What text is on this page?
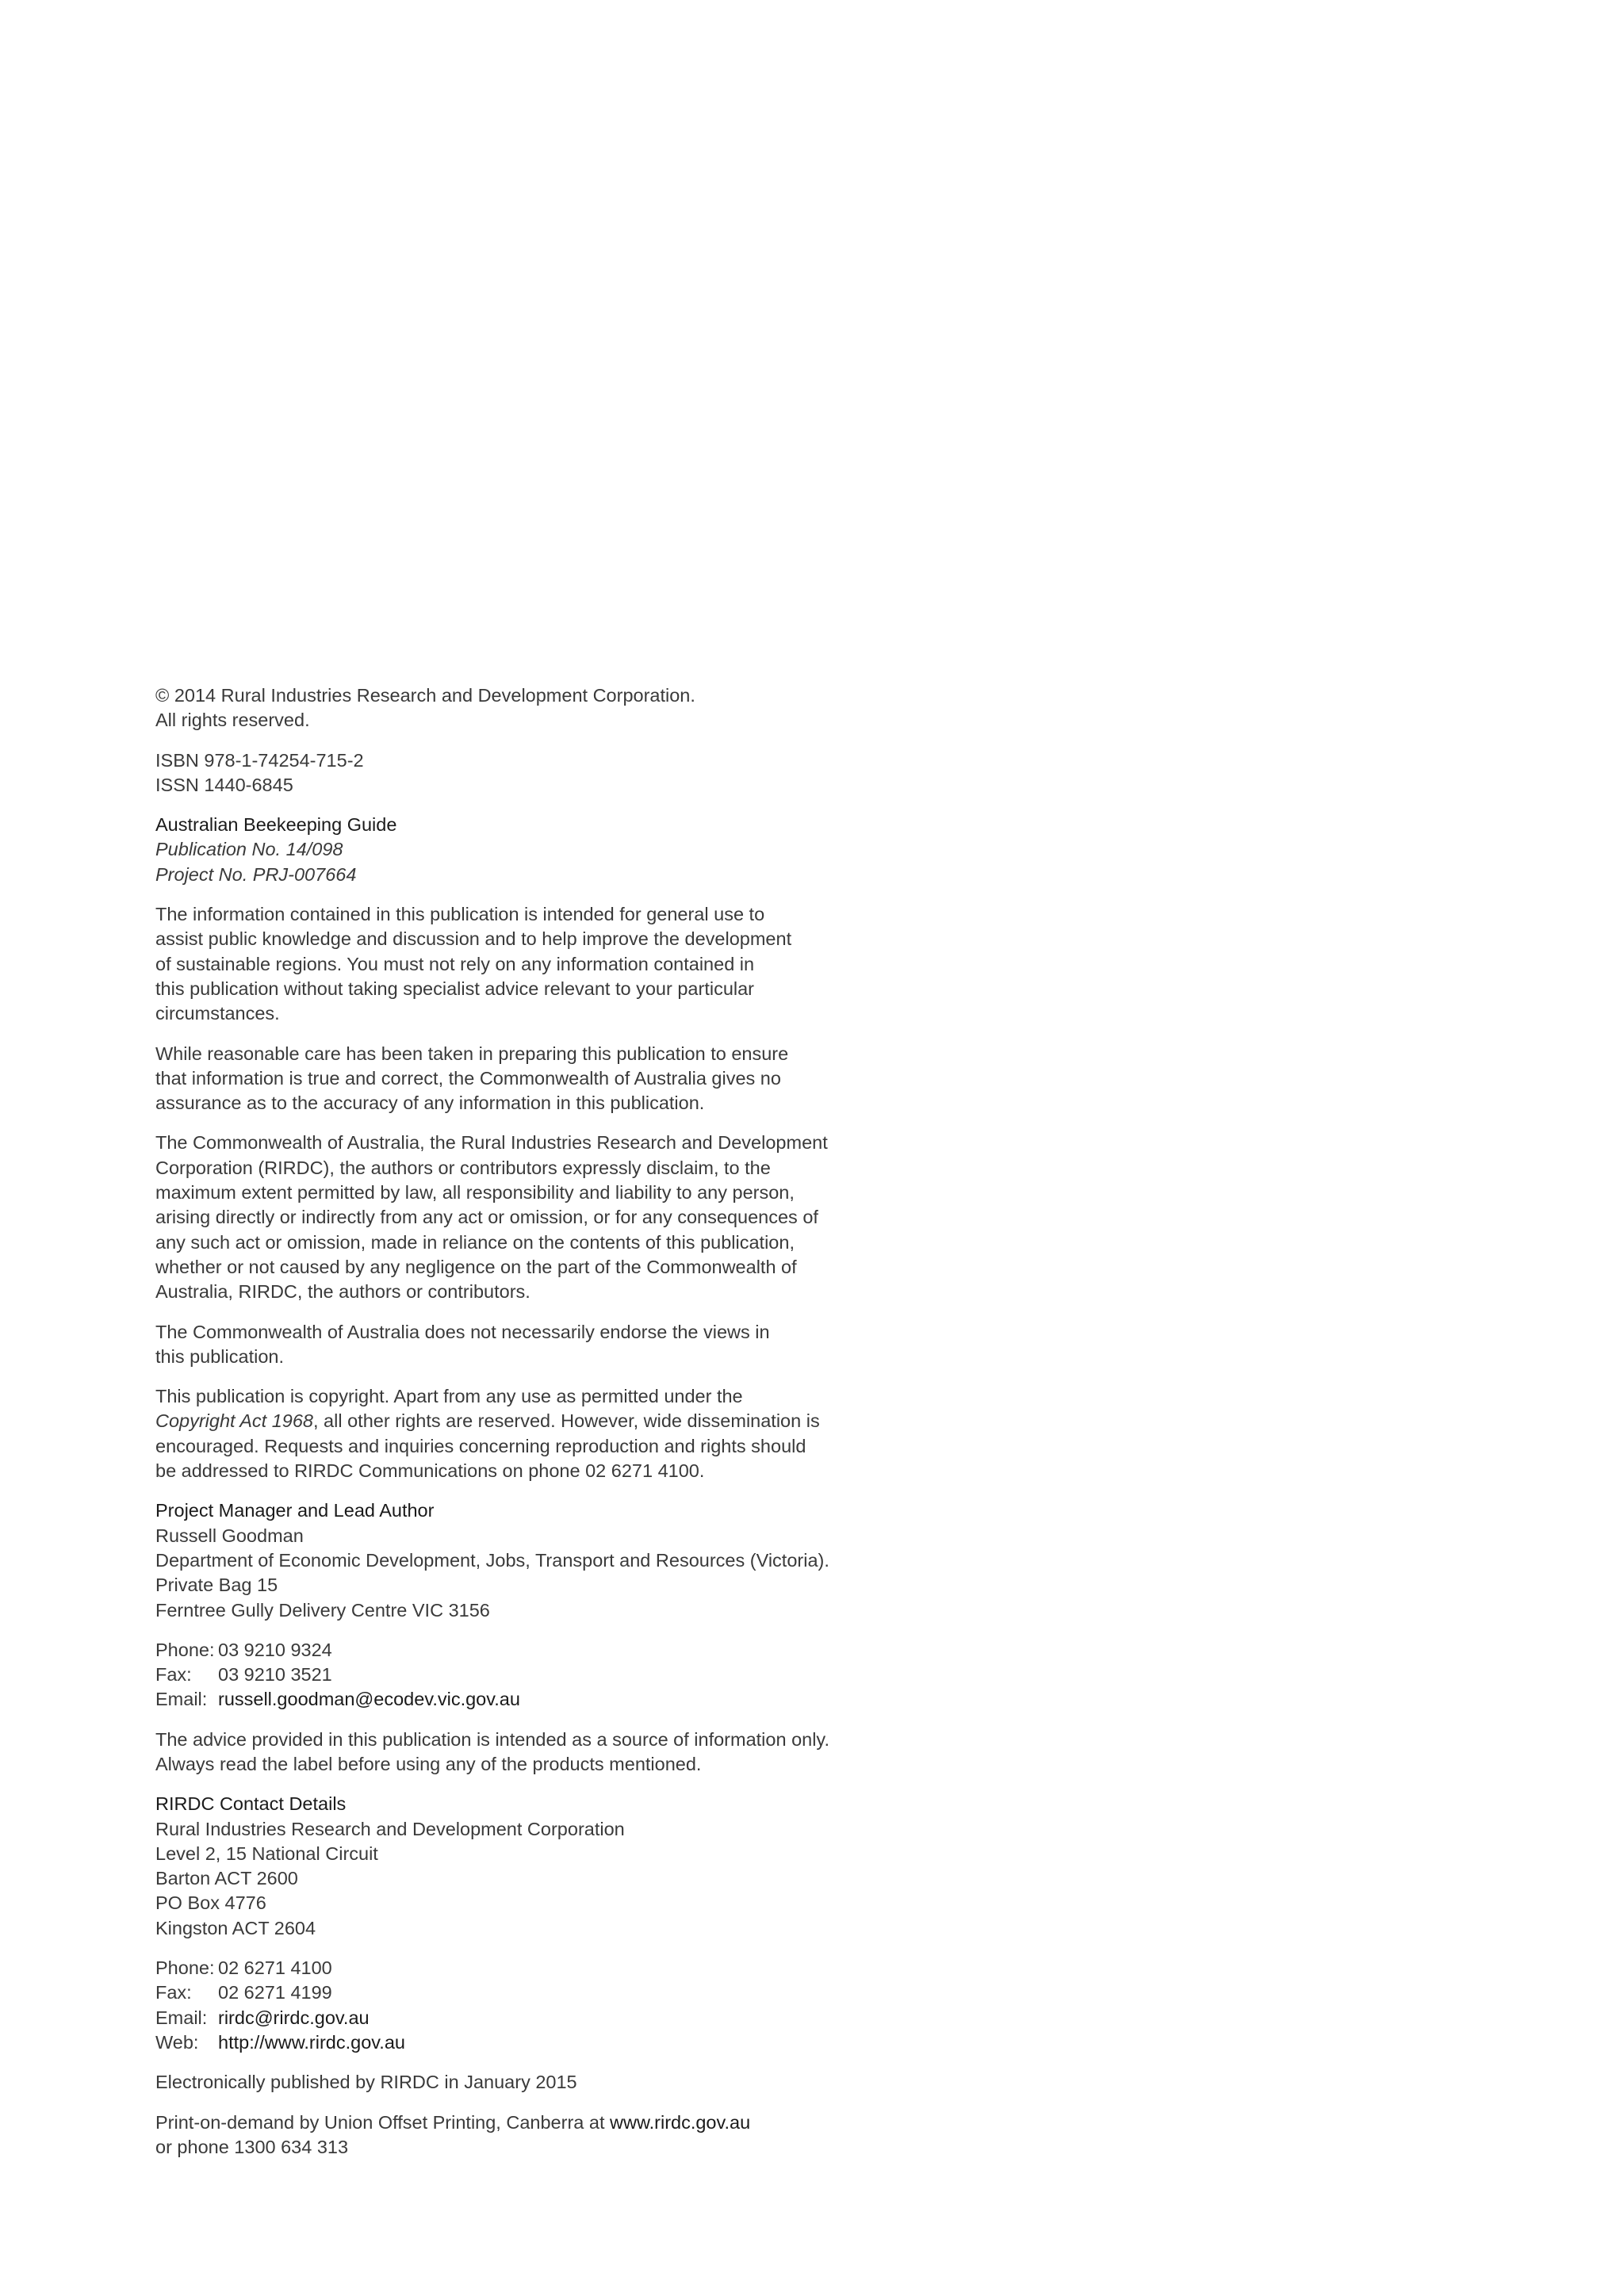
© 2014 Rural Industries Research and Development Corporation.
All rights reserved.
ISBN 978-1-74254-715-2
ISSN 1440-6845
Australian Beekeeping Guide
Publication No. 14/098
Project No. PRJ-007664
The information contained in this publication is intended for general use to
assist public knowledge and discussion and to help improve the development
of sustainable regions. You must not rely on any information contained in
this publication without taking specialist advice relevant to your particular
circumstances.
While reasonable care has been taken in preparing this publication to ensure
that information is true and correct, the Commonwealth of Australia gives no
assurance as to the accuracy of any information in this publication.
The Commonwealth of Australia, the Rural Industries Research and Development
Corporation (RIRDC), the authors or contributors expressly disclaim, to the
maximum extent permitted by law, all responsibility and liability to any person,
arising directly or indirectly from any act or omission, or for any consequences of
any such act or omission, made in reliance on the contents of this publication,
whether or not caused by any negligence on the part of the Commonwealth of
Australia, RIRDC, the authors or contributors.
The Commonwealth of Australia does not necessarily endorse the views in
this publication.
This publication is copyright. Apart from any use as permitted under the
Copyright Act 1968, all other rights are reserved. However, wide dissemination is
encouraged. Requests and inquiries concerning reproduction and rights should
be addressed to RIRDC Communications on phone 02 6271 4100.
Project Manager and Lead Author
Russell Goodman
Department of Economic Development, Jobs, Transport and Resources (Victoria).
Private Bag 15
Ferntree Gully Delivery Centre VIC 3156
Phone: 03 9210 9324
Fax: 03 9210 3521
Email: russell.goodman@ecodev.vic.gov.au
The advice provided in this publication is intended as a source of information only.
Always read the label before using any of the products mentioned.
RIRDC Contact Details
Rural Industries Research and Development Corporation
Level 2, 15 National Circuit
Barton ACT 2600
PO Box 4776
Kingston ACT 2604
Phone: 02 6271 4100
Fax: 02 6271 4199
Email: rirdc@rirdc.gov.au
Web: http://www.rirdc.gov.au
Electronically published by RIRDC in January 2015
Print-on-demand by Union Offset Printing, Canberra at www.rirdc.gov.au
or phone 1300 634 313
